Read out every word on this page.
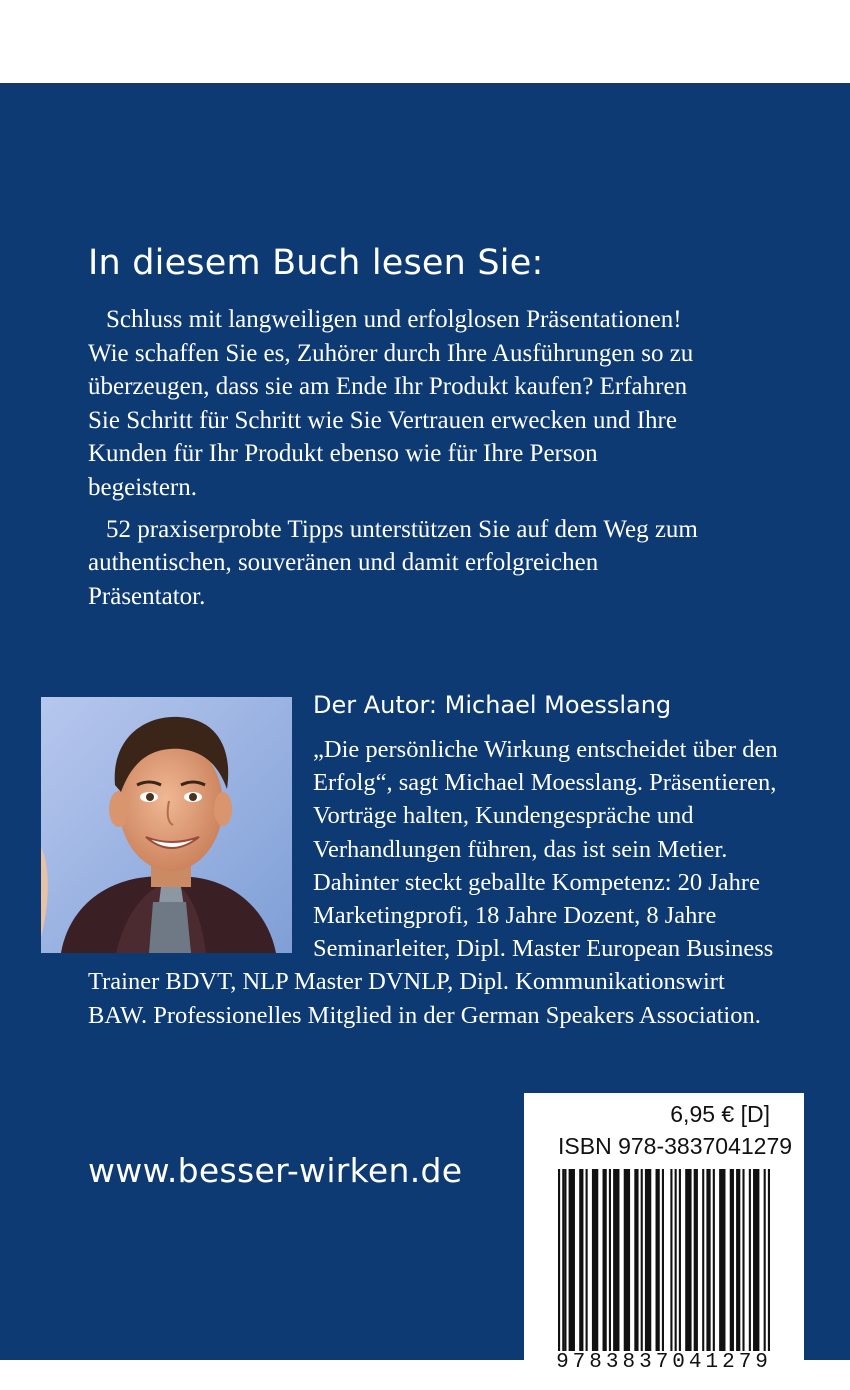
In diesem Buch lesen Sie:

Schluss mit langweiligen und erfolglosen Präsentationen! Wie schaffen Sie es, Zuhörer durch Ihre Ausführungen so zu überzeugen, dass sie am Ende Ihr Produkt kaufen? Erfahren Sie Schritt für Schritt wie Sie Vertrauen erwecken und Ihre Kunden für Ihr Produkt ebenso wie für Ihre Person begeistern.

52 praxiserprobte Tipps unterstützen Sie auf dem Weg zum authentischen, souveränen und damit erfolgreichen Präsentator.

Der Autor: Michael Moesslang

„Die persönliche Wirkung entscheidet über den Erfolg“, sagt Michael Moesslang. Präsentieren, Vorträge halten, Kundengespräche und Verhandlungen führen, das ist sein Metier. Dahinter steckt geballte Kompetenz: 20 Jahre Marketingprofi, 18 Jahre Dozent, 8 Jahre Seminarleiter, Dipl. Master European Business Trainer BDVT, NLP Master DVNLP, Dipl. Kommunikationswirt BAW. Professionelles Mitglied in der German Speakers Association.

www.besser-wirken.de
6,95 € [D]
ISBN 978-3837041279
9783837041279
